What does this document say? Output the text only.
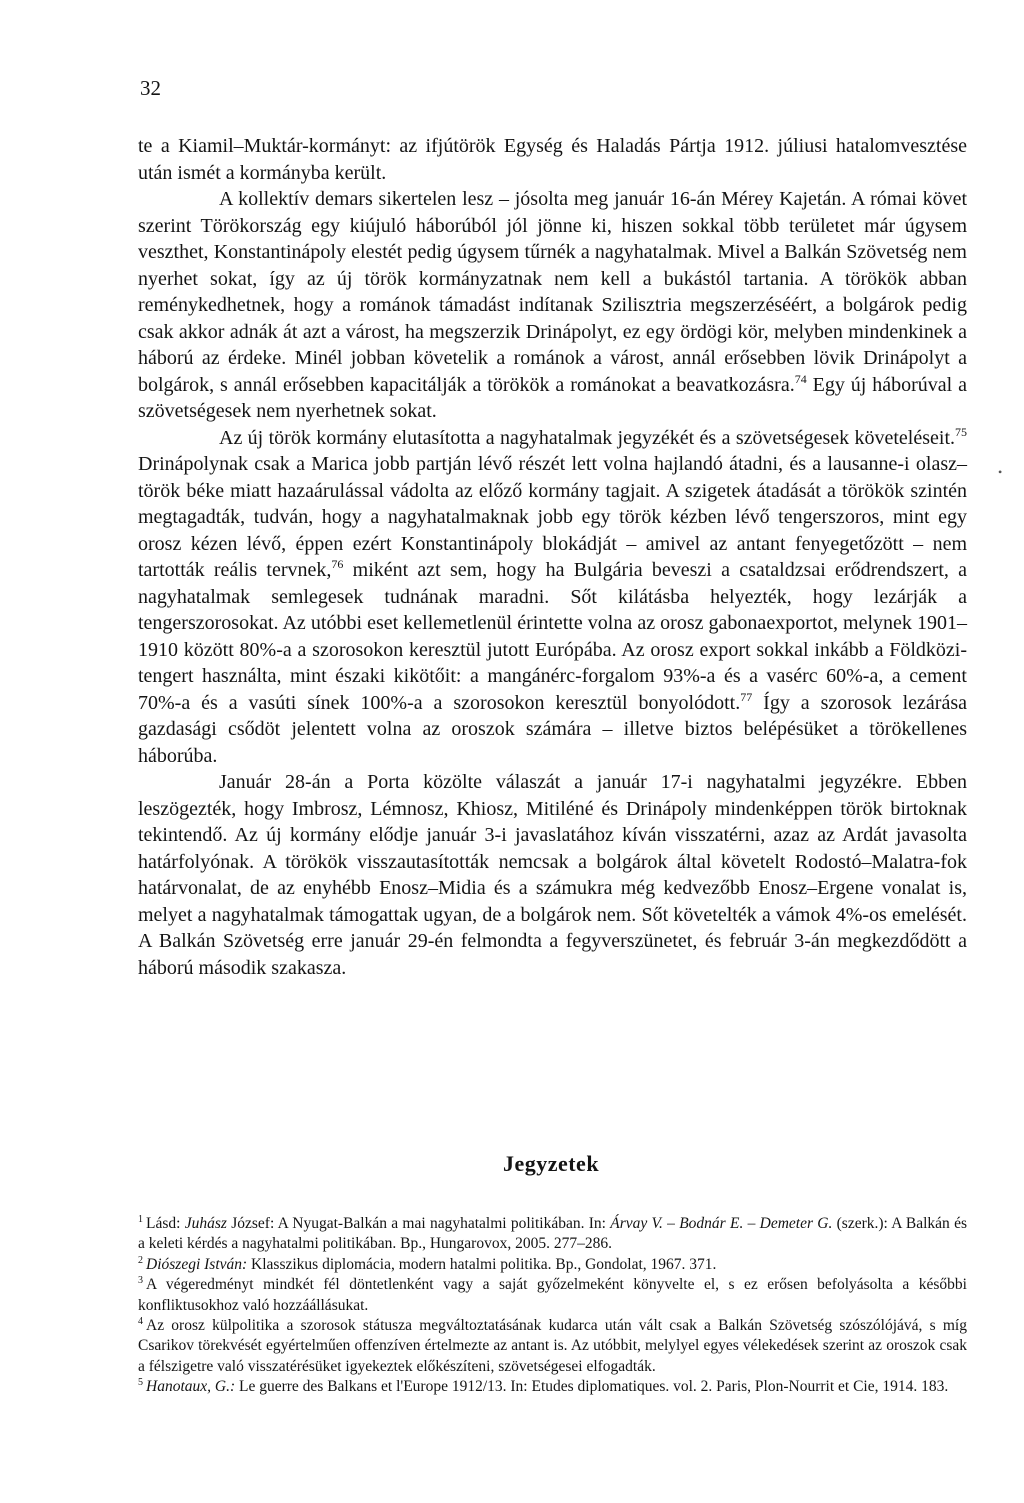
32

te a Kiamil–Muktár-kormányt: az ifjútörök Egység és Haladás Pártja 1912. júliusi hatalomvesztése után ismét a kormányba került.

A kollektív demars sikertelen lesz – jósolta meg január 16-án Mérey Kajetán. A római követ szerint Törökország egy kiújuló háborúból jól jönne ki, hiszen sokkal több területet már úgysem veszthet, Konstantinápoly elestét pedig úgysem tűrnék a nagyhatalmak. Mivel a Balkán Szövetség nem nyerhet sokat, így az új török kormányzatnak nem kell a bukástól tartania. A törökök abban reménykedhetnek, hogy a románok támadást indítanak Szilisztria megszerzéséért, a bolgárok pedig csak akkor adnák át azt a várost, ha megszerzik Drinápolyt, ez egy ördögi kör, melyben mindenkinek a háború az érdeke. Minél jobban követelik a románok a várost, annál erősebben lövik Drinápolyt a bolgárok, s annál erősebben kapacitálják a törökök a románokat a beavatkozásra.$^{74}$ Egy új háborúval a szövetségesek nem nyerhetnek sokat.

Az új török kormány elutasította a nagyhatalmak jegyzékét és a szövetségesek követeléseit.$^{75}$ Drinápolynak csak a Marica jobb partján lévő részét lett volna hajlandó átadni, és a lausanne-i olasz–török béke miatt hazaárulással vádolta az előző kormány tagjait. A szigetek átadását a törökök szintén megtagadták, tudván, hogy a nagyhatalmaknak jobb egy török kézben lévő tengerszoros, mint egy orosz kézen lévő, éppen ezért Konstantinápoly blokádját – amivel az antant fenyegetőzött – nem tartották reális tervnek,$^{76}$ miként azt sem, hogy ha Bulgária beveszi a csataldzsai erődrendszert, a nagyhatalmak semlegesek tudnának maradni. Sőt kilátásba helyezték, hogy lezárják a tengerszorosokat. Az utóbbi eset kellemetlenül érintette volna az orosz gabonaexportot, melynek 1901–1910 között 80%-a a szorosokon keresztül jutott Európába. Az orosz export sokkal inkább a Földközi-tengert használta, mint északi kikötőit: a mangánérc-forgalom 93%-a és a vasérc 60%-a, a cement 70%-a és a vasúti sínek 100%-a a szorosokon keresztül bonyolódott.$^{77}$ Így a szorosok lezárása gazdasági csődöt jelentett volna az oroszok számára – illetve biztos belépésüket a törökellenes háborúba.

Január 28-án a Porta közölte válaszát a január 17-i nagyhatalmi jegyzékre. Ebben leszögezték, hogy Imbrosz, Lémnosz, Khiosz, Mitiléné és Drinápoly mindenképpen török birtoknak tekintendő. Az új kormány elődje január 3-i javaslatához kíván visszatérni, azaz az Ardát javasolta határfolyónak. A törökök visszautasították nemcsak a bolgárok által követelt Rodostó–Malatra-fok határvonalat, de az enyhébb Enosz–Midia és a számukra még kedvezőbb Enosz–Ergene vonalat is, melyet a nagyhatalmak támogattak ugyan, de a bolgárok nem. Sőt követelték a vámok 4%-os emelését. A Balkán Szövetség erre január 29-én felmondta a fegyverszünetet, és február 3-án megkezdődött a háború második szakasza.

Jegyzetek

$^1$ Lásd: Juhász József: A Nyugat-Balkán a mai nagyhatalmi politikában. In: Árvay V. – Bodnár E. – Demeter G. (szerk.): A Balkán és a keleti kérdés a nagyhatalmi politikában. Bp., Hungarovox, 2005. 277–286.

$^2$ Diószegi István: Klasszikus diplomácia, modern hatalmi politika. Bp., Gondolat, 1967. 371.

$^3$ A végeredményt mindkét fél döntetlenként vagy a saját győzelmeként könyvelte el, s ez erősen befolyásolta a későbbi konfliktusokhoz való hozzáállásukat.

$^4$ Az orosz külpolitika a szorosok státusza megváltoztatásának kudarca után vált csak a Balkán Szövetség szószólójává, s míg Csarikov törekvését egyértelműen offenzíven értelmezte az antant is. Az utóbbit, melylyel egyes vélekedések szerint az oroszok csak a félszigetre való visszatérésüket igyekeztek előkészíteni, szövetségesei elfogadták.

$^5$ Hanotaux, G.: Le guerre des Balkans et l'Europe 1912/13. In: Etudes diplomatiques. vol. 2. Paris, Plon-Nourrit et Cie, 1914. 183.

•
